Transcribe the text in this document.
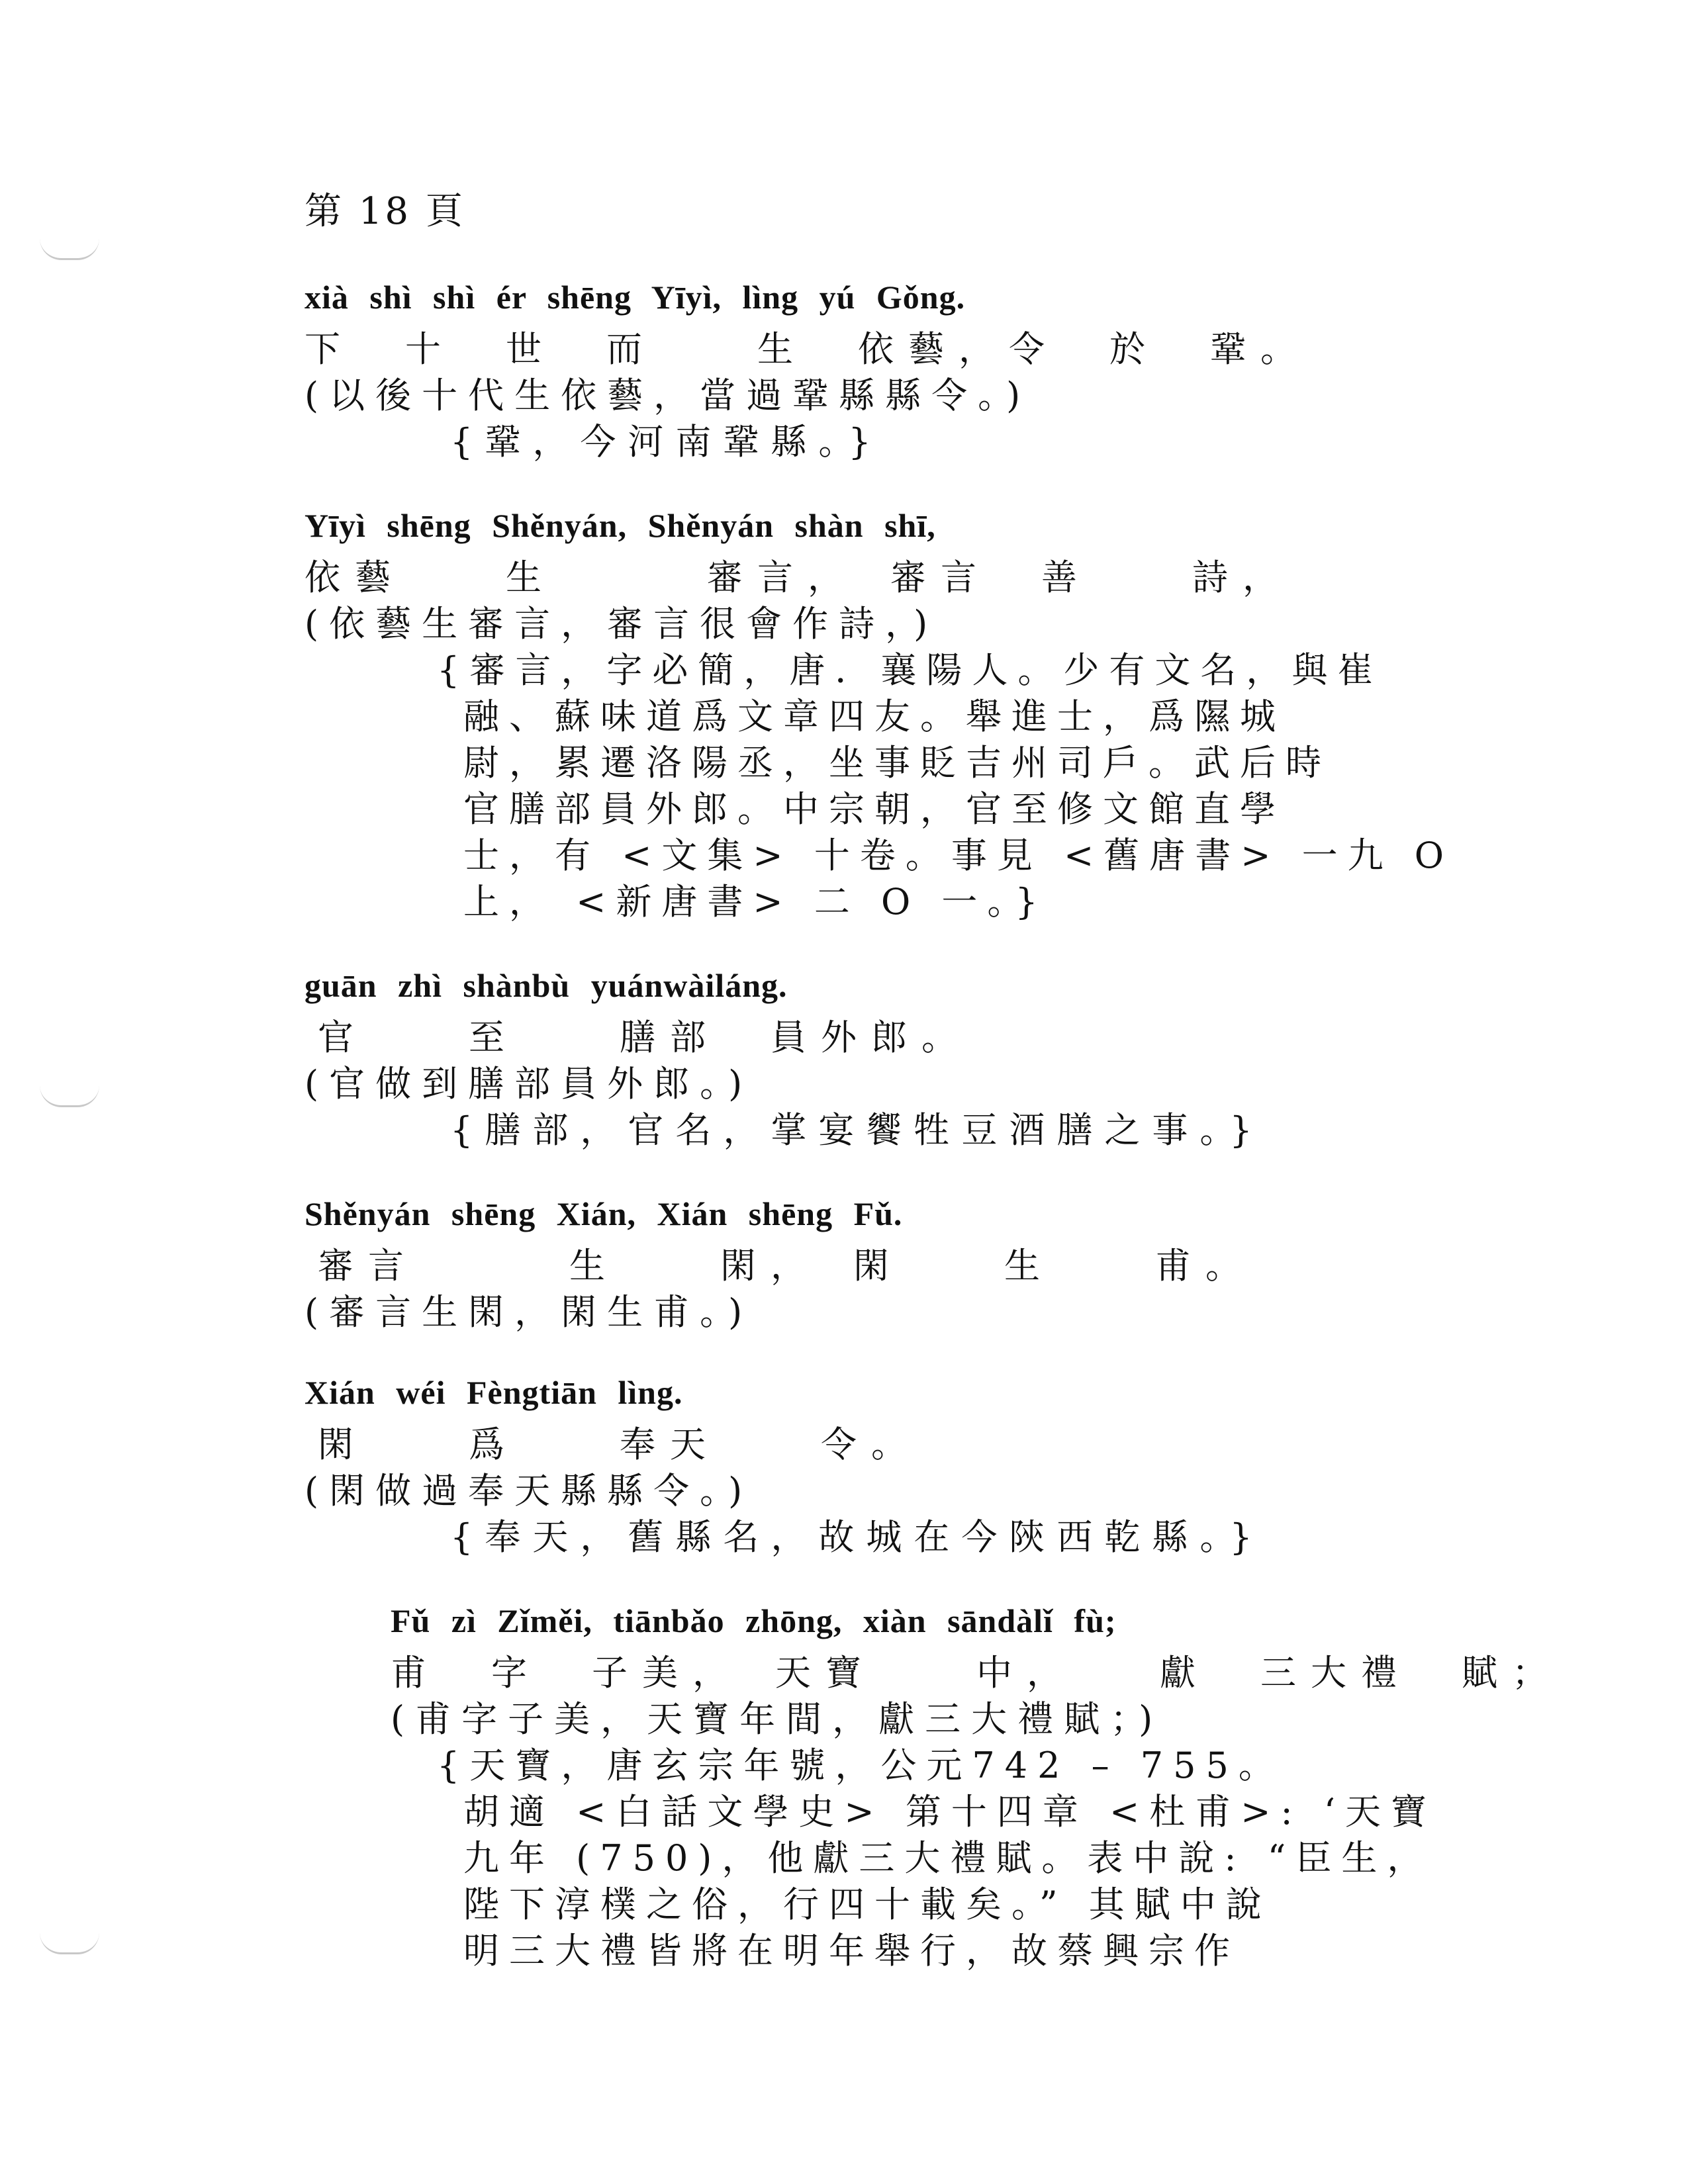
第 18 頁
xià shì shì ér shēng Yīyì, lìng yú Gǒng.
下　十　世　而　　生　依藝，令　於　鞏。
(以後十代生依藝，當過鞏縣縣令。)
{鞏，今河南鞏縣。}
Yīyì shēng Shěnyán, Shěnyán shàn shī,
依藝　　生　　　審言，　審言　善　　詩，
(依藝生審言，審言很會作詩，)
{審言，字必簡，唐．襄陽人。少有文名，與崔
融、蘇味道爲文章四友。舉進士，爲隰城
尉，累遷洛陽丞，坐事貶吉州司戶。武后時
官膳部員外郎。中宗朝，官至修文館直學
士，有 <文集> 十卷。事見 <舊唐書> 一九 O
上， <新唐書> 二 O 一。}
guān zhì shànbù yuánwàiláng.
官　　至　　膳部　員外郎。
(官做到膳部員外郎。)
{膳部，官名，掌宴饗牲豆酒膳之事。}
Shěnyán shēng Xián, Xián shēng Fǔ.
審言　　　生　　閑，　閑　　生　　甫。
(審言生閑，閑生甫。)
Xián wéi Fèngtiān lìng.
閑　　爲　　奉天　　令。
(閑做過奉天縣縣令。)
{奉天，舊縣名，故城在今陝西乾縣。}
Fǔ zì Zǐměi, tiānbǎo zhōng, xiàn sāndàlǐ fù;
甫　字　子美，　天寶　　中，　　獻　三大禮　賦；
(甫字子美，天寶年間，獻三大禮賦；)
{天寶，唐玄宗年號，公元742 – 755。
胡適 <白話文學史> 第十四章 <杜甫>: ‘天寶
九年 (750)，他獻三大禮賦。表中說: “臣生，
陛下淳樸之俗，行四十載矣。” 其賦中說
明三大禮皆將在明年舉行，故蔡興宗作
